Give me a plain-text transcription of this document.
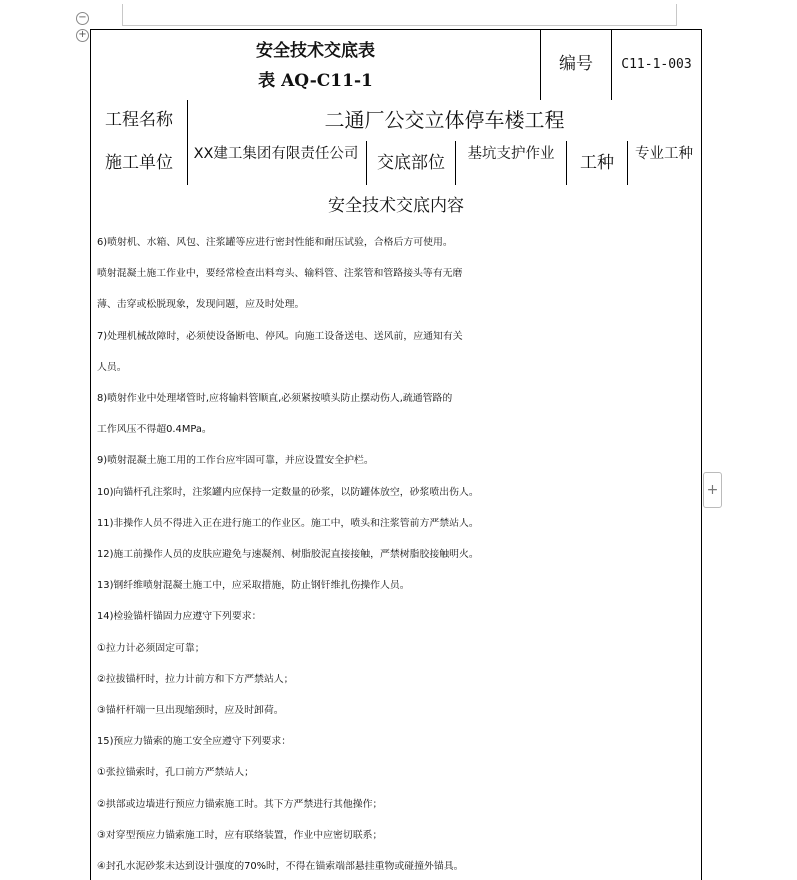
−
+
+
安全技术交底表
表 AQ-C11-1
编号	C11-1-003
工程名称	二通厂公交立体停车楼工程
施工单位	XX建工集团有限责任公司	交底部位	基坑支护作业	工种	专业工种
安全技术交底内容

6)喷射机、水箱、风包、注浆罐等应进行密封性能和耐压试验，合格后方可使用。

喷射混凝土施工作业中，要经常检查出料弯头、输料管、注浆管和管路接头等有无磨

薄、击穿或松脱现象，发现问题，应及时处理。

7)处理机械故障时，必须使设备断电、停风。向施工设备送电、送风前，应通知有关

人员。

8)喷射作业中处理堵管时,应将输料管顺直,必须紧按喷头防止摆动伤人,疏通管路的

工作风压不得超0.4MPa。

9)喷射混凝土施工用的工作台应牢固可靠，并应设置安全护栏。

10)向锚杆孔注浆时，注浆罐内应保持一定数量的砂浆，以防罐体放空，砂浆喷出伤人。

11)非操作人员不得进入正在进行施工的作业区。施工中，喷头和注浆管前方严禁站人。

12)施工前操作人员的皮肤应避免与速凝剂、树脂胶泥直接接触，严禁树脂胶接触明火。

13)钢纤维喷射混凝土施工中，应采取措施，防止钢钎维扎伤操作人员。

14)检验锚杆锚固力应遵守下列要求：

①拉力计必须固定可靠；

②拉拔锚杆时，拉力计前方和下方严禁站人；

③锚杆杆端一旦出现缩颈时，应及时卸荷。

15)预应力锚索的施工安全应遵守下列要求：

①张拉锚索时，孔口前方严禁站人；

②拱部或边墙进行预应力锚索施工时。其下方严禁进行其他操作；

③对穿型预应力锚索施工时，应有联络装置，作业中应密切联系；

④封孔水泥砂浆未达到设计强度的70%时，不得在锚索端部悬挂重物或碰撞外锚具。
